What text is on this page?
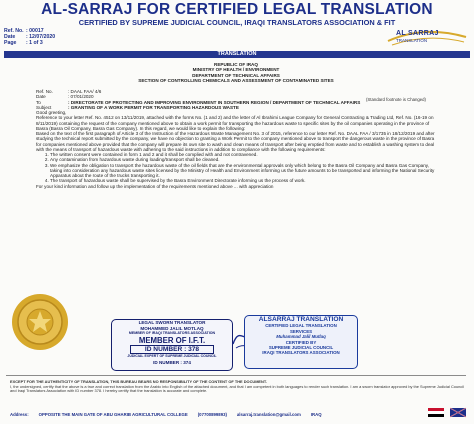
AL-SARRAJ FOR CERTIFIED LEGAL TRANSLATION
CERTIFIED BY SUPREME JUDICIAL COUNCIL, IRAQI TRANSLATORS ASSOCIATION & FIT
Ref. No. : 00017
Date : 12/07/2020
Page : 1 of 3
AL SARRAJ
TRANSLATION
TRANSLATION
(Standard footnote is Changed)
REPUBLIC OF IRAQ
MINISTRY OF HEALTH / ENVIRONMENT
DEPARTMENT OF TECHNICAL AFFAIRS
SECTION OF CONTROLLING CHEMICALS AND ASSESSMENT OF CONTAMINATED SITES
Ref. No.	: DAAL FAA/ 4/6
Date	: 07/01/2020
To	: DIRECTORATE OF PROTECTING AND IMPROVING ENVIRONMENT IN SOUTHERN REGION / DEPARTMENT OF TECHNICAL AFFAIRS
Subject	: GRANTING OF A WORK PERMIT FOR TRANSPORTING HAZARDOUS WASTE
Good greeting,
Reference to your letter Ref. No. 4512 on 13/11/2019, attached with the forms No. (1 and 2) and the letter of Al Ibrahimi League Company for General Contracting & Trading Ltd, Ref. No. (16-19 on 8/11/2019) containing the request of the company mentioned above to obtain a work permit for transporting the hazardous waste to specific sites by the oil companies operating in the province of Basra (Basra Oil Company, Basra Gas Company). In this regard, we would like to explain the following:
Based on the text of the first paragraph of Article 3 of the Instruction of the Hazardous Waste Management No. 3 of 2015, reference to our letter Ref. No. DAAL FAA / 3/1735 in 18/12/2019 and after studying the technical report submitted by the company, we have no objection to granting a Work Permit to the company mentioned above to transport the dangerous waste in the province of Basra for companies mentioned above provided that the company will prepare its own site to wash and clean means of transport after being emptied from waste and to establish a washing system to deal with the means of transport of hazardous waste with adhering to the said instructions in addition to compliance with the following requirements:
1. The written consent were contained in form 1 and 2 and it shall be complied with and not contravened.
2. Any contamination from hazardous waste during loading/transport shall be cleaned.
3. We emphasize the obligation to transport the hazardous waste of the oil fields that are the environmental approvals only which belong to the Basra Oil Company and Basra Gas Company, taking into consideration any hazardous waste sites licensed by the Ministry of Health and Environment informing us the future amounts to be transported and informing the National Security Apparatus about the route of the trucks transporting it.
4. The transport of hazardous waste shall be supervised by the Basra Environment Directorate informing us the process of work.
For your kind information and follow up the implementation of the requirements mentioned above ... with appreciation
LEGAL SWORN TRANSLATOR
MOHAMMED JALIL MOTLAQ
MEMBER OF IRAQI TRANSLATORS ASSOCIATION
MEMBER OF I.F.T.
ID NUMBER : 378
JUDICIAL EXPERT OF SUPREME JUDICIAL COUNCIL
ID NUMBER : 374
ALSARRAJ TRANSLATION
CERTIFIED LEGAL TRANSLATION
SERVICES
Muhammad Jalil Mutlaq
CERTIFIED BY
SUPREME JUDICIAL COUNCIL
IRAQI TRANSLATORS ASSOCIATION
EXCEPT FOR THE AUTHENTICITY OF TRANSLATION, THIS BUREAU BEARS NO RESPONSIBILITY OF THE CONTENT OF THE DOCUMENT.
I, the undersigned, certify that the above is a true and correct translation from the Arabic into English of the attached document, and that I am competent in both languages to render such translation. I am a sworn translator approved by the Supreme Judicial Council and Iraqi Translators Association with ID number 378. I hereby certify that the translation is accurate and complete.
Address: OPPOSITE THE MAIN GATE OF ABU GHARIB AGRICULTURAL COLLEGE (07700899893) alsarraj.translation@gmail.com IRAQ
